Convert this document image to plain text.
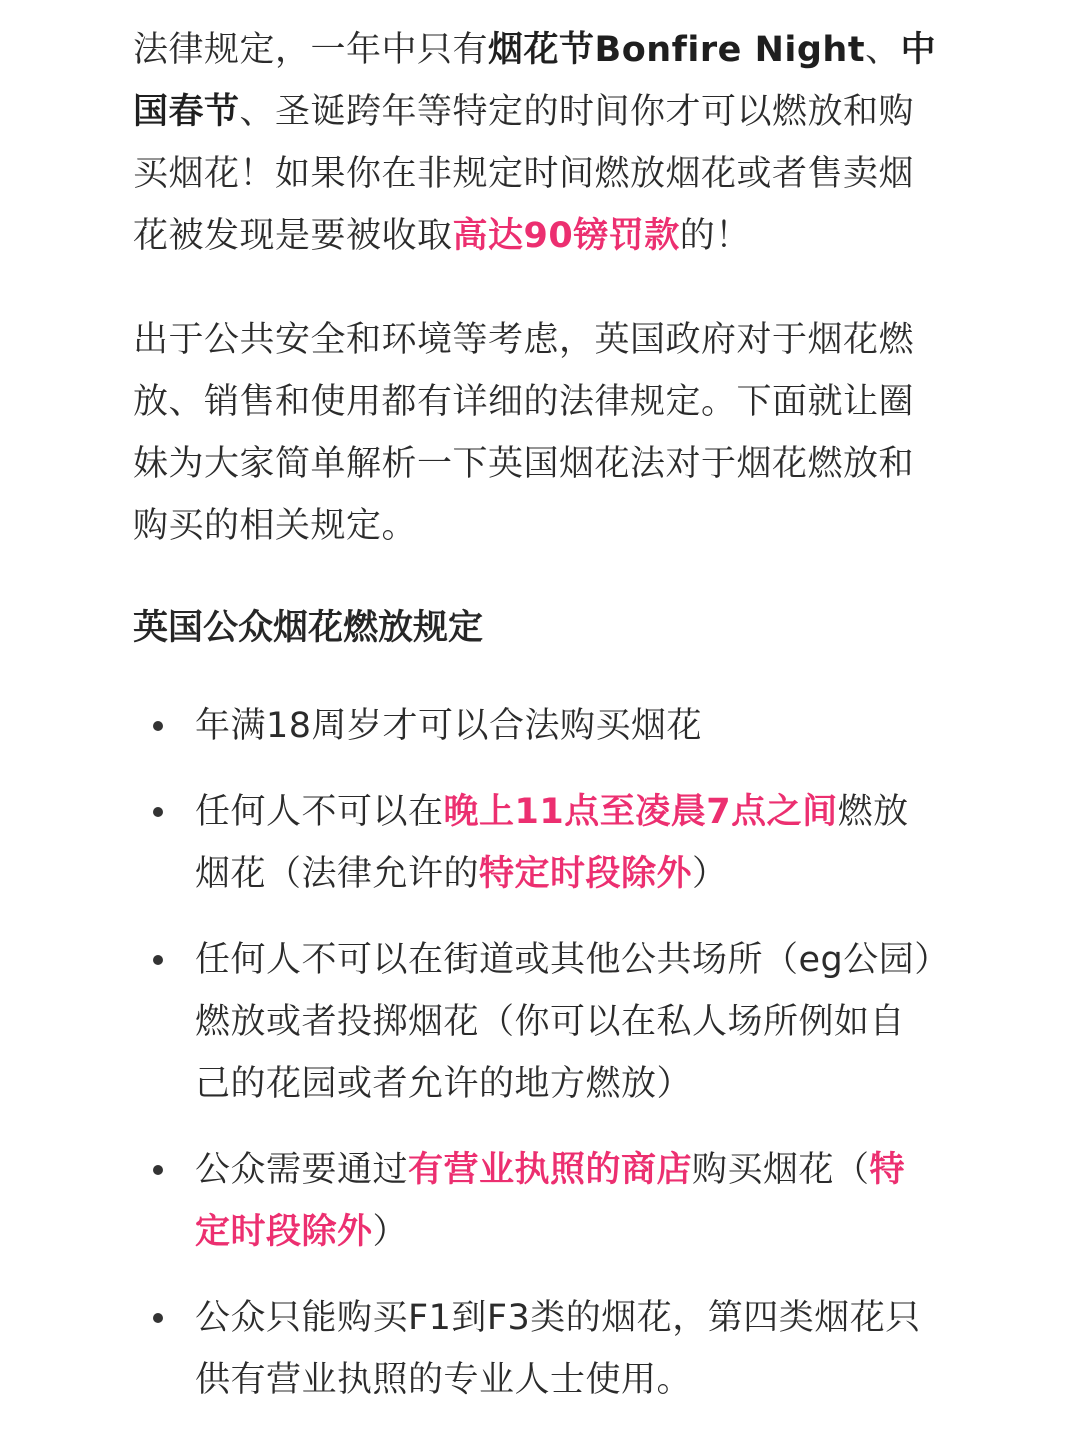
法律规定，一年中只有烟花节Bonfire Night、中国春节、圣诞跨年等特定的时间你才可以燃放和购买烟花！如果你在非规定时间燃放烟花或者售卖烟花被发现是要被收取高达90镑罚款的！

出于公共安全和环境等考虑，英国政府对于烟花燃放、销售和使用都有详细的法律规定。下面就让圈妹为大家简单解析一下英国烟花法对于烟花燃放和购买的相关规定。

英国公众烟花燃放规定
年满18周岁才可以合法购买烟花
任何人不可以在晚上11点至凌晨7点之间燃放烟花（法律允许的特定时段除外）
任何人不可以在街道或其他公共场所（eg公园）燃放或者投掷烟花（你可以在私人场所例如自己的花园或者允许的地方燃放）
公众需要通过有营业执照的商店购买烟花（特定时段除外）
公众只能购买F1到F3类的烟花，第四类烟花只供有营业执照的专业人士使用。
